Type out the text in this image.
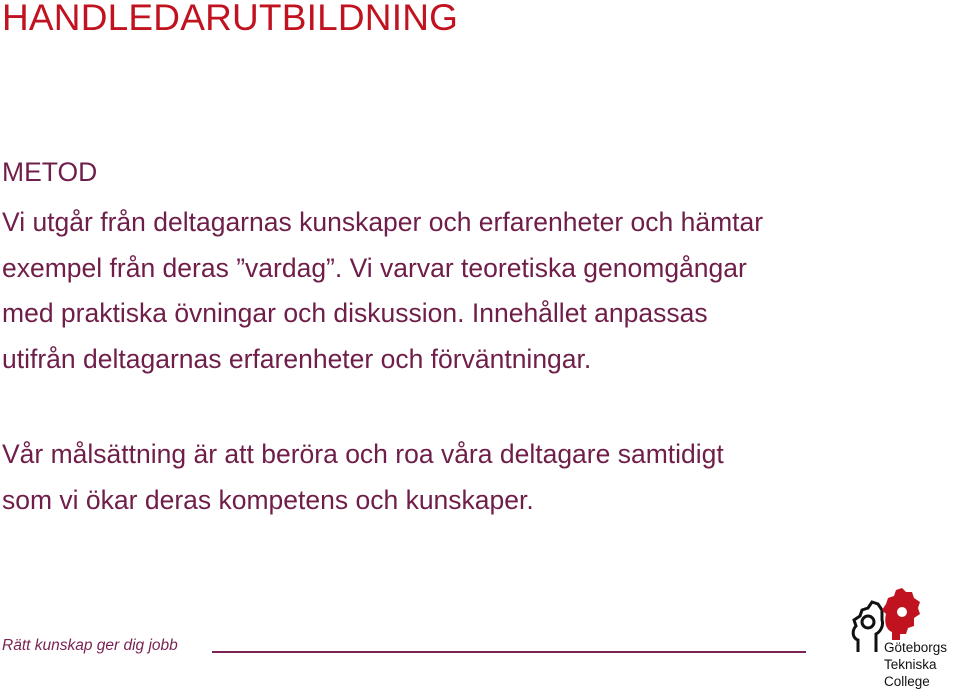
HANDLEDARUTBILDNING
METOD
Vi utgår från deltagarnas kunskaper och erfarenheter och hämtar
exempel från deras ”vardag”. Vi varvar teoretiska genomgångar
med praktiska övningar och diskussion. Innehållet anpassas
utifrån deltagarnas erfarenheter och förväntningar.
Vår målsättning är att beröra och roa våra deltagare samtidigt
som vi ökar deras kompetens och kunskaper.
Rätt kunskap ger dig jobb	Göteborgs
Tekniska
College
